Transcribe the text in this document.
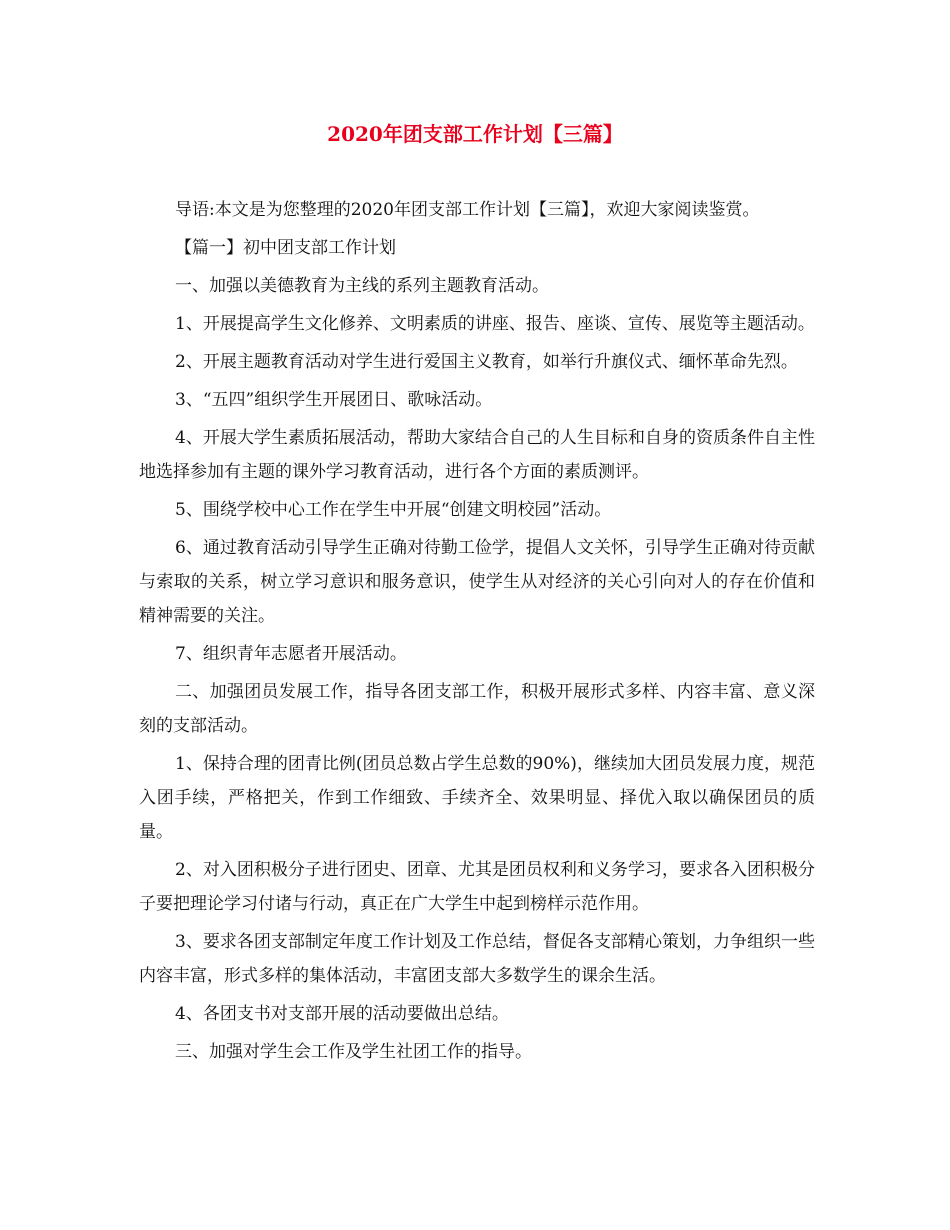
2020年团支部工作计划【三篇】

导语:本文是为您整理的2020年团支部工作计划【三篇】，欢迎大家阅读鉴赏。

【篇一】初中团支部工作计划

一、加强以美德教育为主线的系列主题教育活动。

1、开展提高学生文化修养、文明素质的讲座、报告、座谈、宣传、展览等主题活动。

2、开展主题教育活动对学生进行爱国主义教育，如举行升旗仪式、缅怀革命先烈。

3、“五四”组织学生开展团日、歌咏活动。

4、开展大学生素质拓展活动，帮助大家结合自己的人生目标和自身的资质条件自主性地选择参加有主题的课外学习教育活动，进行各个方面的素质测评。

5、围绕学校中心工作在学生中开展“创建文明校园”活动。

6、通过教育活动引导学生正确对待勤工俭学，提倡人文关怀，引导学生正确对待贡献与索取的关系，树立学习意识和服务意识，使学生从对经济的关心引向对人的存在价值和精神需要的关注。

7、组织青年志愿者开展活动。

二、加强团员发展工作，指导各团支部工作，积极开展形式多样、内容丰富、意义深刻的支部活动。

1、保持合理的团青比例(团员总数占学生总数的90%)，继续加大团员发展力度，规范入团手续，严格把关，作到工作细致、手续齐全、效果明显、择优入取以确保团员的质量。

2、对入团积极分子进行团史、团章、尤其是团员权利和义务学习，要求各入团积极分子要把理论学习付诸与行动，真正在广大学生中起到榜样示范作用。

3、要求各团支部制定年度工作计划及工作总结，督促各支部精心策划，力争组织一些内容丰富，形式多样的集体活动，丰富团支部大多数学生的课余生活。

4、各团支书对支部开展的活动要做出总结。

三、加强对学生会工作及学生社团工作的指导。
